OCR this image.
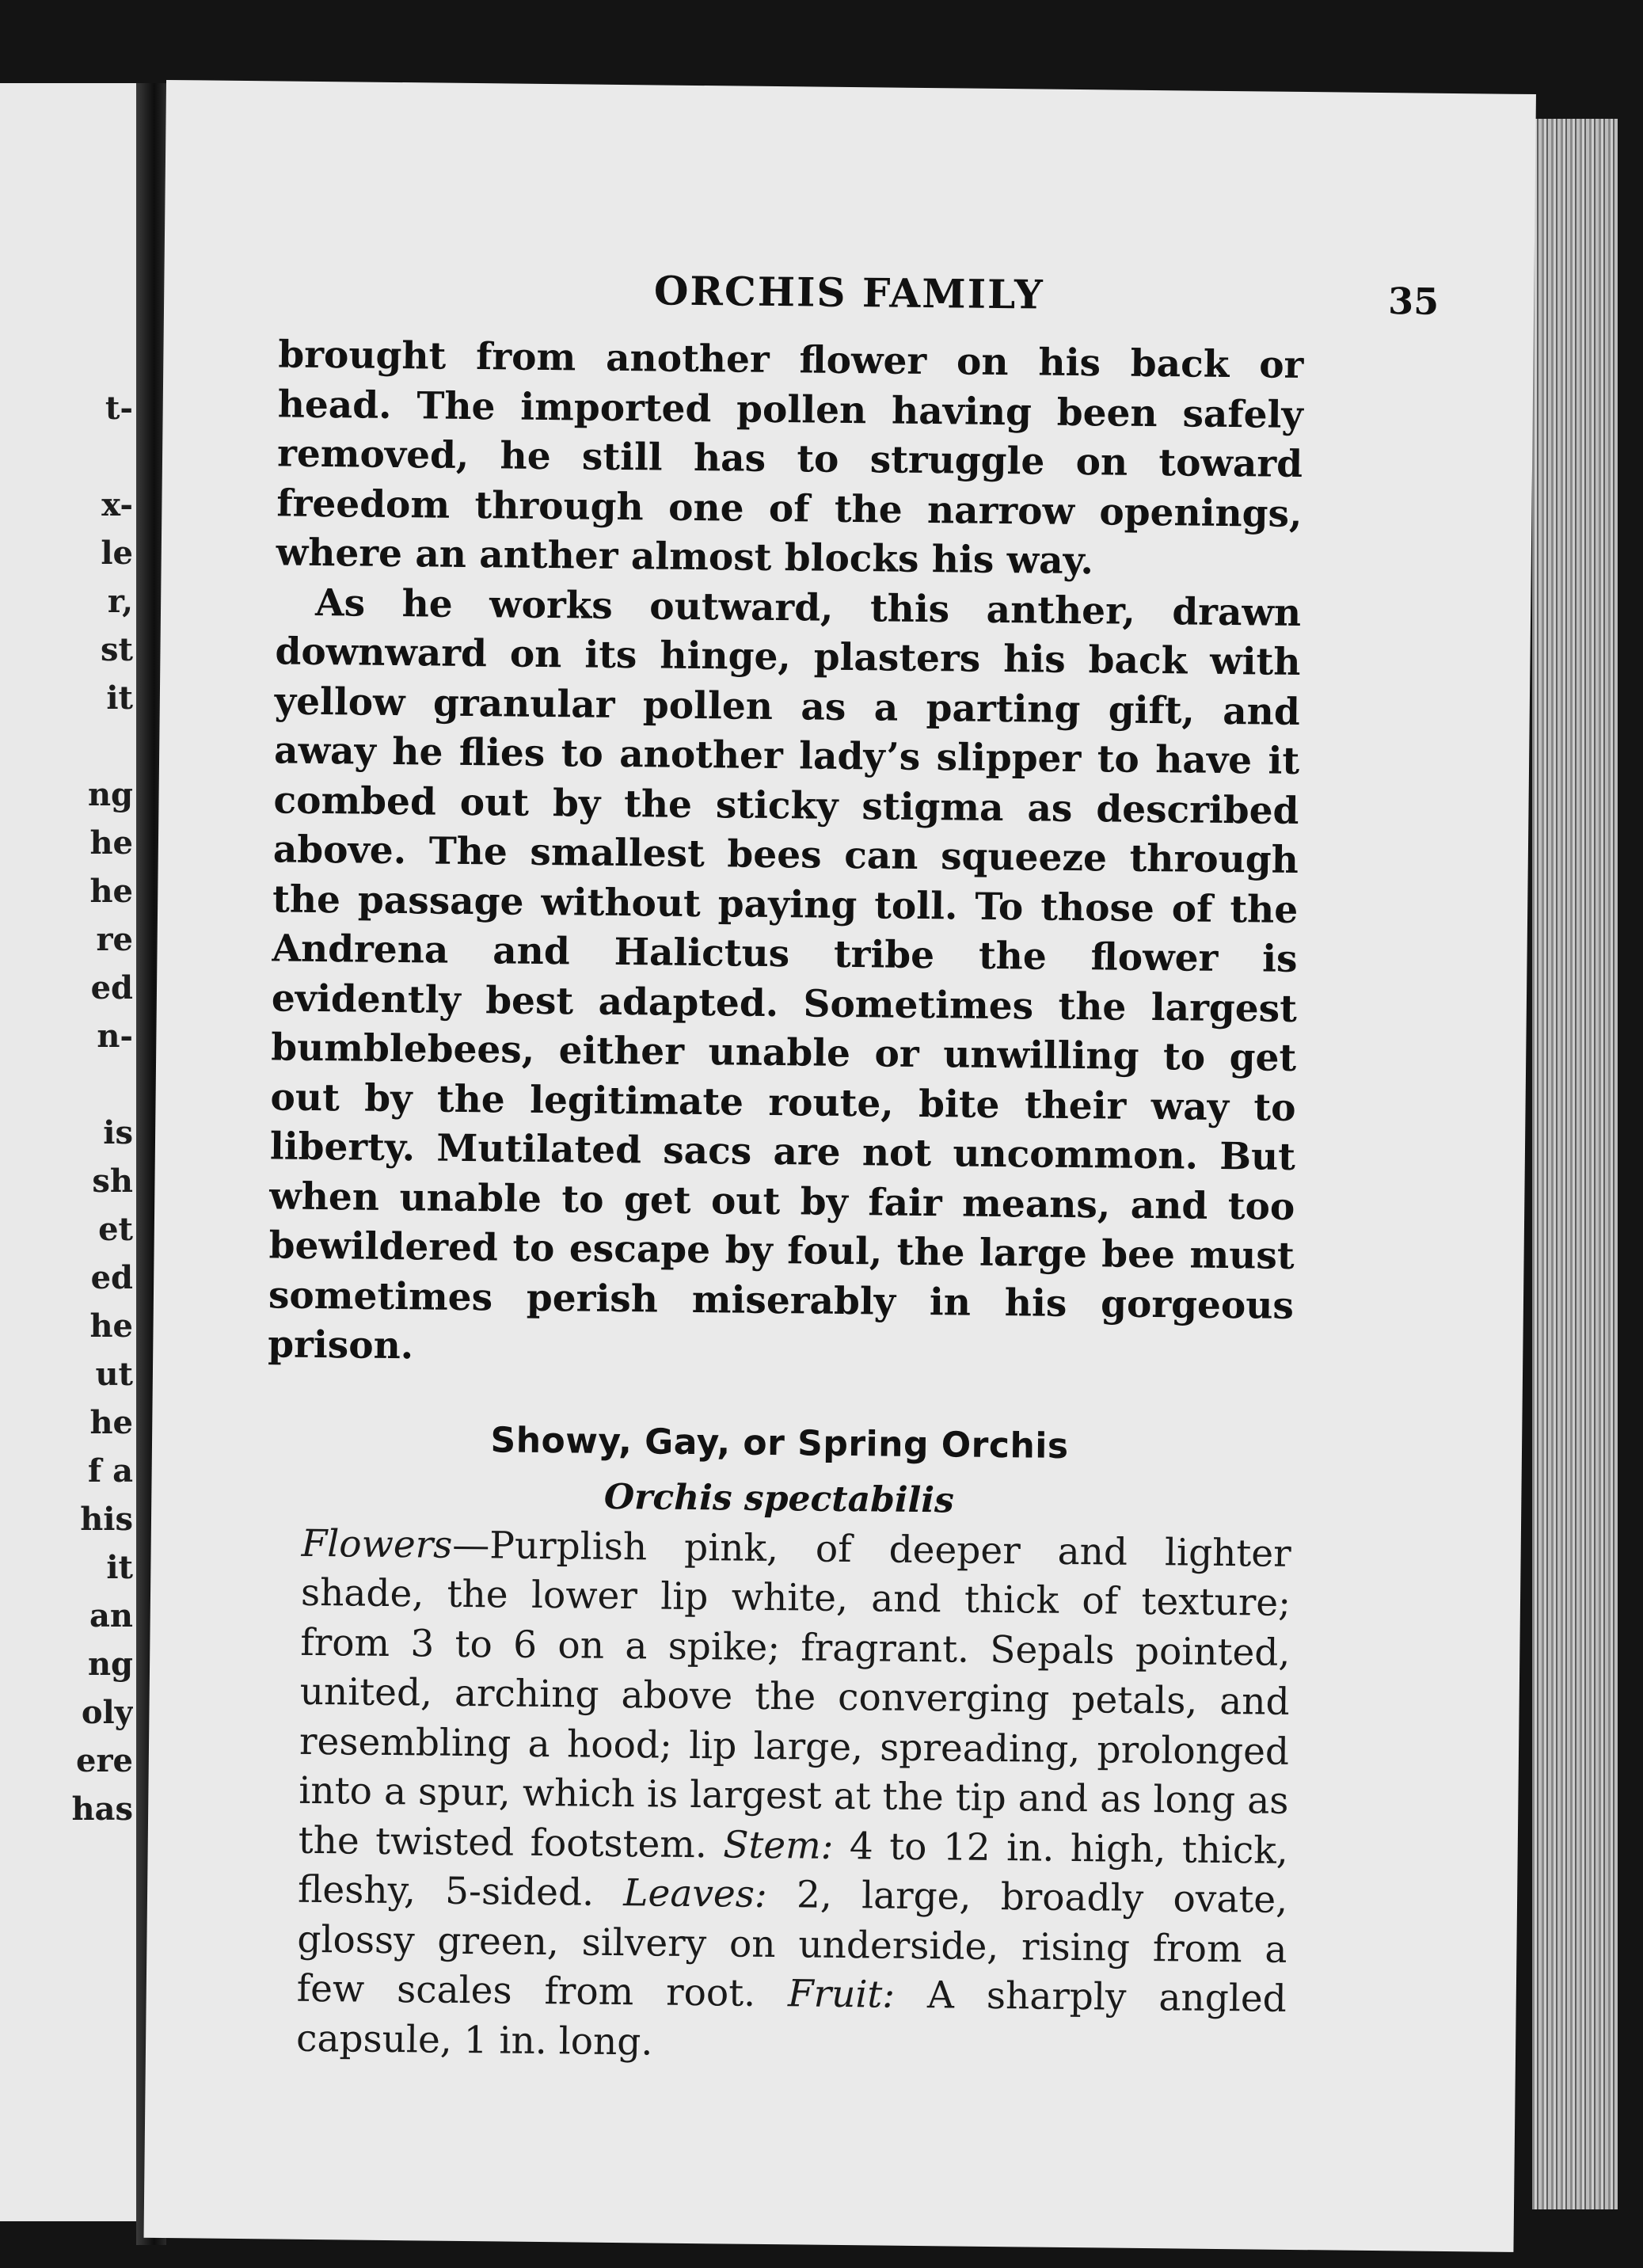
t-

x-
le
r,
st
it

ng
he
he
re
ed
n-

is
sh
et
ed
he
ut
he
f a
his
it
an
ng
oly
ere
has
ORCHIS FAMILY	35

brought from another flower on his back or head. The imported pollen having been safely removed, he still has to struggle on toward freedom through one of the narrow openings, where an anther almost blocks his way.

As he works outward, this anther, drawn downward on its hinge, plasters his back with yellow granular pollen as a parting gift, and away he flies to another lady’s slipper to have it combed out by the sticky stigma as described above. The smallest bees can squeeze through the passage without paying toll. To those of the Andrena and Halictus tribe the flower is evidently best adapted. Sometimes the largest bumblebees, either unable or unwilling to get out by the legitimate route, bite their way to liberty. Mutilated sacs are not uncommon. But when unable to get out by fair means, and too bewildered to escape by foul, the large bee must sometimes perish miserably in his gorgeous prison.

Showy, Gay, or Spring Orchis
Orchis spectabilis

Flowers—Purplish pink, of deeper and lighter shade, the lower lip white, and thick of texture; from 3 to 6 on a spike; fragrant. Sepals pointed, united, arching above the converging petals, and resembling a hood; lip large, spreading, prolonged into a spur, which is largest at the tip and as long as the twisted footstem. Stem: 4 to 12 in. high, thick, fleshy, 5-sided. Leaves: 2, large, broadly ovate, glossy green, silvery on underside, rising from a few scales from root. Fruit: A sharply angled capsule, 1 in. long.
